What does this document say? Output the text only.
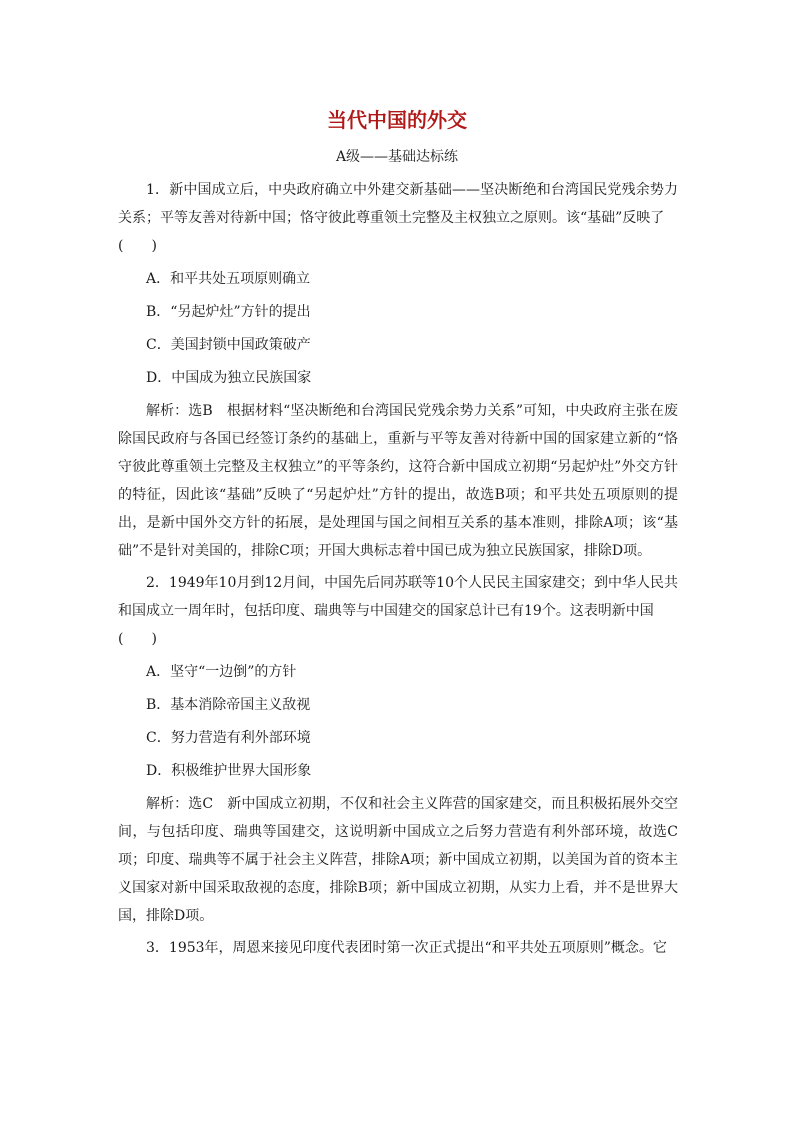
当代中国的外交
A级——基础达标练

1．新中国成立后，中央政府确立中外建交新基础——坚决断绝和台湾国民党残余势力关系；平等友善对待新中国；恪守彼此尊重领土完整及主权独立之原则。该“基础”反映了

(　　)

A．和平共处五项原则确立

B．“另起炉灶”方针的提出

C．美国封锁中国政策破产

D．中国成为独立民族国家

解析：选B　根据材料“坚决断绝和台湾国民党残余势力关系”可知，中央政府主张在废除国民政府与各国已经签订条约的基础上，重新与平等友善对待新中国的国家建立新的“恪守彼此尊重领土完整及主权独立”的平等条约，这符合新中国成立初期“另起炉灶”外交方针的特征，因此该“基础”反映了“另起炉灶”方针的提出，故选B项；和平共处五项原则的提出，是新中国外交方针的拓展，是处理国与国之间相互关系的基本准则，排除A项；该“基础”不是针对美国的，排除C项；开国大典标志着中国已成为独立民族国家，排除D项。

2．1949年10月到12月间，中国先后同苏联等10个人民民主国家建交；到中华人民共和国成立一周年时，包括印度、瑞典等与中国建交的国家总计已有19个。这表明新中国

(　　)

A．坚守“一边倒”的方针

B．基本消除帝国主义敌视

C．努力营造有利外部环境

D．积极维护世界大国形象

解析：选C　新中国成立初期，不仅和社会主义阵营的国家建交，而且积极拓展外交空间，与包括印度、瑞典等国建交，这说明新中国成立之后努力营造有利外部环境，故选C项；印度、瑞典等不属于社会主义阵营，排除A项；新中国成立初期，以美国为首的资本主义国家对新中国采取敌视的态度，排除B项；新中国成立初期，从实力上看，并不是世界大国，排除D项。

3．1953年，周恩来接见印度代表团时第一次正式提出“和平共处五项原则”概念。它
